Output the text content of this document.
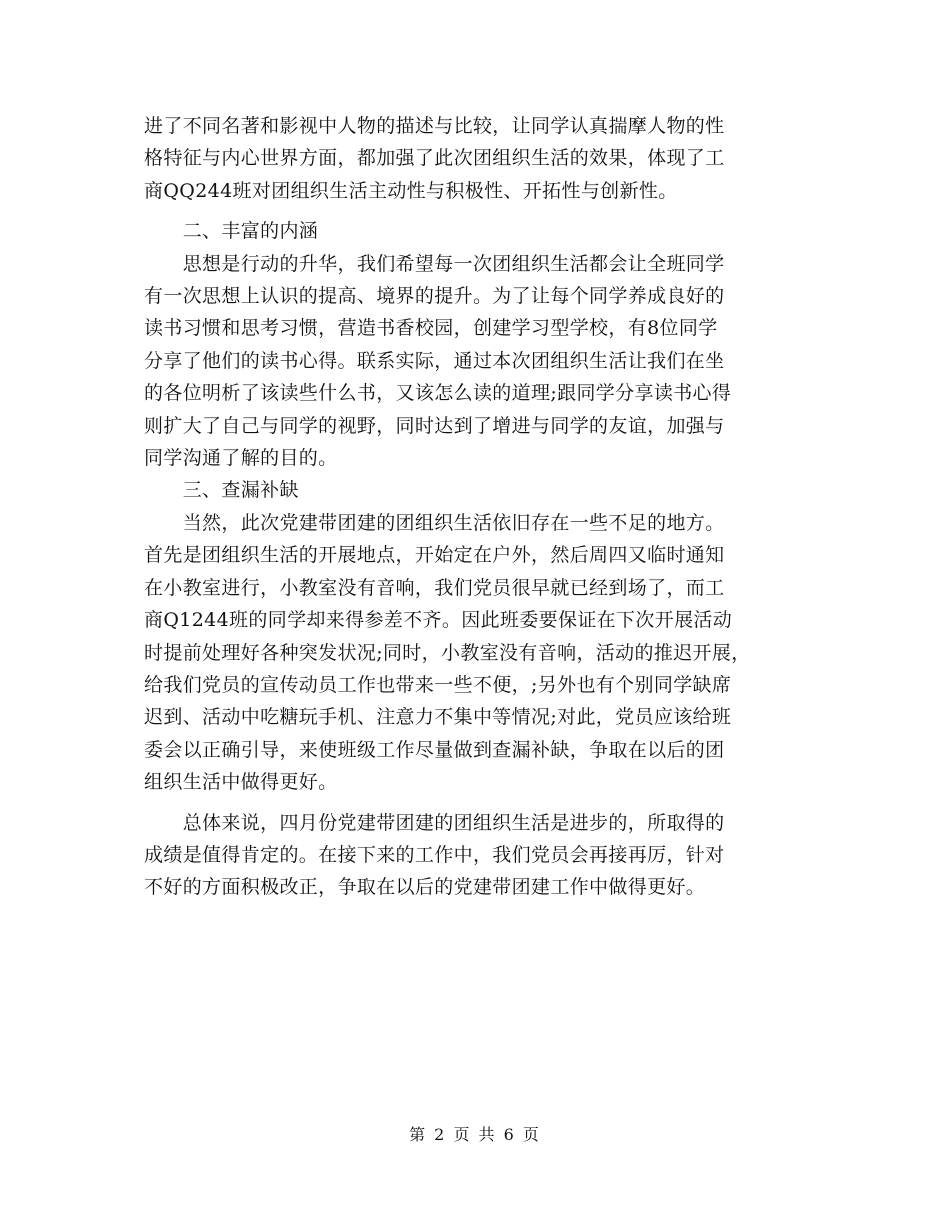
进了不同名著和影视中人物的描述与比较，让同学认真揣摩人物的性
格特征与内心世界方面，都加强了此次团组织生活的效果，体现了工
商QQ244班对团组织生活主动性与积极性、开拓性与创新性。
　　二、丰富的内涵
　　思想是行动的升华，我们希望每一次团组织生活都会让全班同学
有一次思想上认识的提高、境界的提升。为了让每个同学养成良好的
读书习惯和思考习惯，营造书香校园，创建学习型学校，有8位同学
分享了他们的读书心得。联系实际，通过本次团组织生活让我们在坐
的各位明析了该读些什么书，又该怎么读的道理;跟同学分享读书心得
则扩大了自己与同学的视野，同时达到了增进与同学的友谊，加强与
同学沟通了解的目的。
　　三、查漏补缺
　　当然，此次党建带团建的团组织生活依旧存在一些不足的地方。
首先是团组织生活的开展地点，开始定在户外，然后周四又临时通知
在小教室进行，小教室没有音响，我们党员很早就已经到场了，而工
商Q1244班的同学却来得参差不齐。因此班委要保证在下次开展活动
时提前处理好各种突发状况;同时，小教室没有音响，活动的推迟开展，
给我们党员的宣传动员工作也带来一些不便，;另外也有个别同学缺席
迟到、活动中吃糖玩手机、注意力不集中等情况;对此，党员应该给班
委会以正确引导，来使班级工作尽量做到查漏补缺，争取在以后的团
组织生活中做得更好。
　　总体来说，四月份党建带团建的团组织生活是进步的，所取得的
成绩是值得肯定的。在接下来的工作中，我们党员会再接再厉，针对
不好的方面积极改正，争取在以后的党建带团建工作中做得更好。
第 2 页 共 6 页
